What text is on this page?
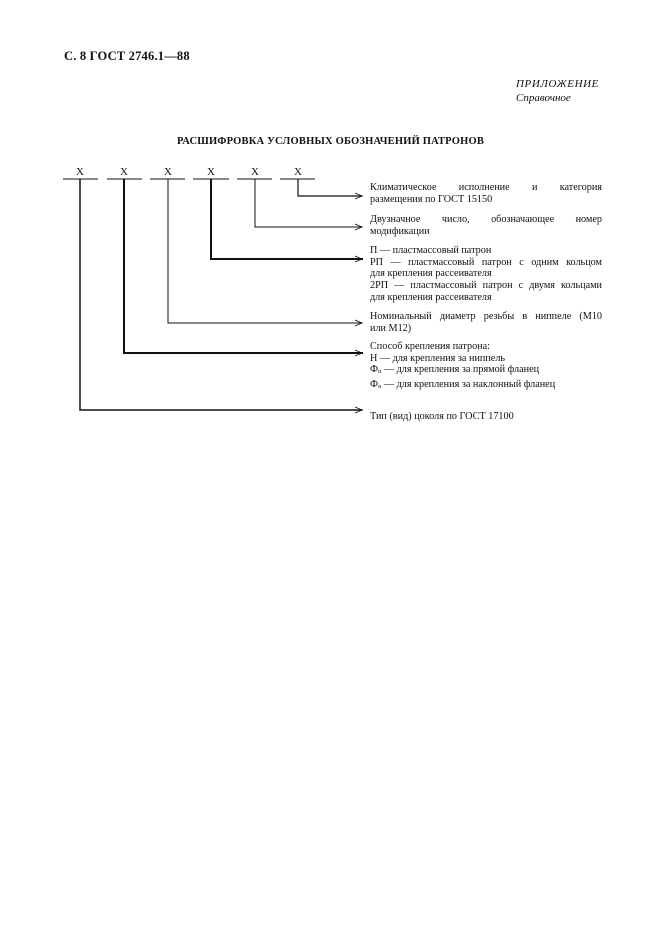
С. 8 ГОСТ 2746.1—88
ПРИЛОЖЕНИЕ
Справочное
РАСШИФРОВКА УСЛОВНЫХ ОБОЗНАЧЕНИЙ ПАТРОНОВ
X	X	X	X	X	X
Климатическое исполнение и категория
размещения по ГОСТ 15150
Двузначное число, обозначающее номер
модификации
П — пластмассовый патрон
РП — пластмассовый патрон с одним кольцом
для крепления рассеивателя
2РП — пластмассовый патрон с двумя кольцами
для крепления рассеивателя
Номинальный диаметр резьбы в ниппеле (М10
или М12)
Способ крепления патрона:
Н — для крепления за ниппель
$Ф_п$ — для крепления за прямой фланец
$Ф_н$ — для крепления за наклонный фланец
Тип (вид) цоколя по ГОСТ 17100
